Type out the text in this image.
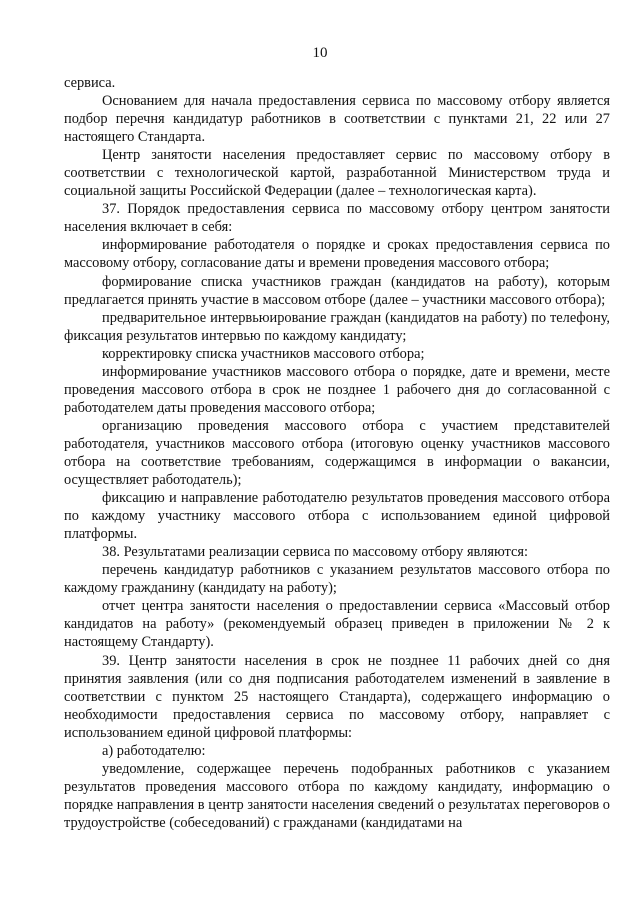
10

сервиса.

Основанием для начала предоставления сервиса по массовому отбору является подбор перечня кандидатур работников в соответствии с пунктами 21, 22 или 27 настоящего Стандарта.

Центр занятости населения предоставляет сервис по массовому отбору в соответствии с технологической картой, разработанной Министерством труда и социальной защиты Российской Федерации (далее – технологическая карта).

37. Порядок предоставления сервиса по массовому отбору центром занятости населения включает в себя:

информирование работодателя о порядке и сроках предоставления сервиса по массовому отбору, согласование даты и времени проведения массового отбора;

формирование списка участников граждан (кандидатов на работу), которым предлагается принять участие в массовом отборе (далее – участники массового отбора);

предварительное интервьюирование граждан (кандидатов на работу) по телефону, фиксация результатов интервью по каждому кандидату;

корректировку списка участников массового отбора;

информирование участников массового отбора о порядке, дате и времени, месте проведения массового отбора в срок не позднее 1 рабочего дня до согласованной с работодателем даты проведения массового отбора;

организацию проведения массового отбора с участием представителей работодателя, участников массового отбора (итоговую оценку участников массового отбора на соответствие требованиям, содержащимся в информации о вакансии, осуществляет работодатель);

фиксацию и направление работодателю результатов проведения массового отбора по каждому участнику массового отбора с использованием единой цифровой платформы.

38. Результатами реализации сервиса по массовому отбору являются:

перечень кандидатур работников с указанием результатов массового отбора по каждому гражданину (кандидату на работу);

отчет центра занятости населения о предоставлении сервиса «Массовый отбор кандидатов на работу» (рекомендуемый образец приведен в приложении № 2 к настоящему Стандарту).

39. Центр занятости населения в срок не позднее 11 рабочих дней со дня принятия заявления (или со дня подписания работодателем изменений в заявление в соответствии с пунктом 25 настоящего Стандарта), содержащего информацию о необходимости предоставления сервиса по массовому отбору, направляет с использованием единой цифровой платформы:

а) работодателю:

уведомление, содержащее перечень подобранных работников с указанием результатов проведения массового отбора по каждому кандидату, информацию о порядке направления в центр занятости населения сведений о результатах переговоров о трудоустройстве (собеседований) с гражданами (кандидатами на
